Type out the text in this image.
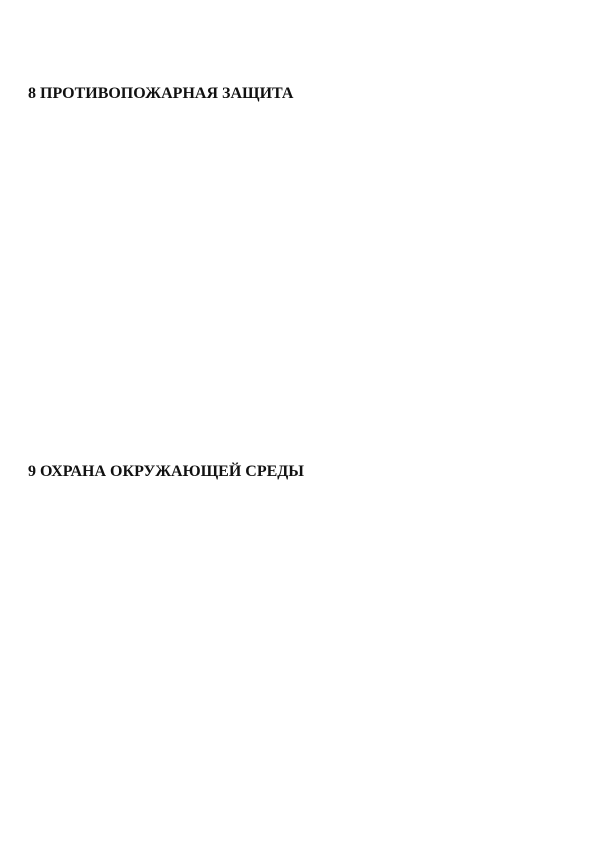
8 ПРОТИВОПОЖАРНАЯ ЗАЩИТА

9 ОХРАНА ОКРУЖАЮЩЕЙ СРЕДЫ
